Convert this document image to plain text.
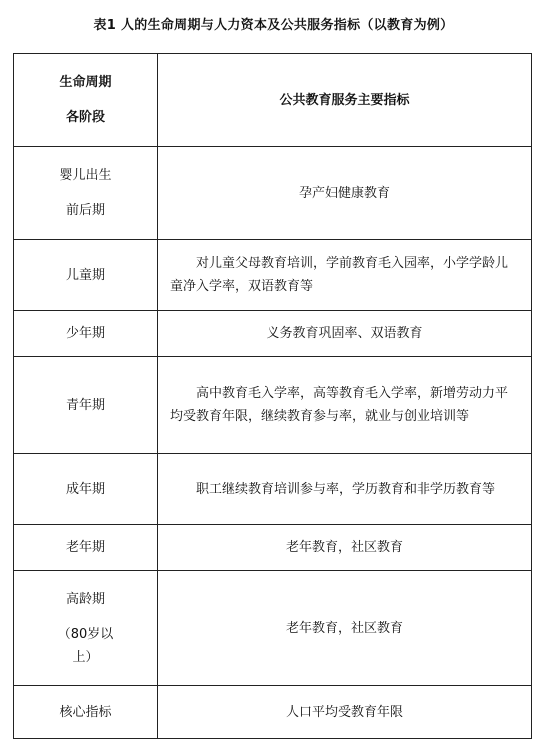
表1 人的生命周期与人力资本及公共服务指标（以教育为例）
生命周期
各阶段	公共教育服务主要指标

婴儿出生
前后期	孕产妇健康教育
儿童期	对儿童父母教育培训，学前教育毛入园率，小学学龄儿童净入学率，双语教育等
少年期	义务教育巩固率、双语教育
青年期	高中教育毛入学率，高等教育毛入学率，新增劳动力平均受教育年限，继续教育参与率，就业与创业培训等
成年期	职工继续教育培训参与率，学历教育和非学历教育等
老年期	老年教育，社区教育

高龄期
（80岁以
上）	老年教育，社区教育
核心指标	人口平均受教育年限
